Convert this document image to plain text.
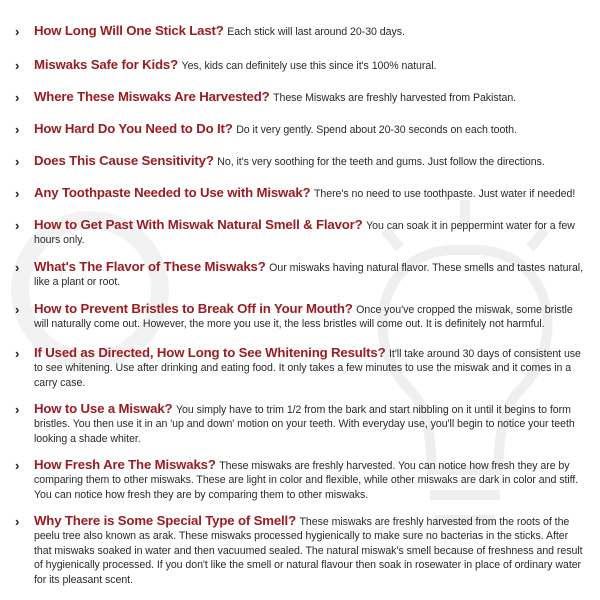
› How Long Will One Stick Last? Each stick will last around 20-30 days.
› Miswaks Safe for Kids? Yes, kids can definitely use this since it's 100% natural.
› Where These Miswaks Are Harvested? These Miswaks are freshly harvested from Pakistan.
› How Hard Do You Need to Do It? Do it very gently. Spend about 20-30 seconds on each tooth.
› Does This Cause Sensitivity? No, it's very soothing for the teeth and gums. Just follow the directions.
› Any Toothpaste Needed to Use with Miswak? There's no need to use toothpaste. Just water if needed!
› How to Get Past With Miswak Natural Smell & Flavor? You can soak it in peppermint water for a few hours only.
› What's The Flavor of These Miswaks? Our miswaks having natural flavor. These smells and tastes natural, like a plant or root.
› How to Prevent Bristles to Break Off in Your Mouth? Once you've cropped the miswak, some bristle will naturally come out. However, the more you use it, the less bristles will come out. It is definitely not harmful.
› If Used as Directed, How Long to See Whitening Results? It'll take around 30 days of consistent use to see whitening. Use after drinking and eating food. It only takes a few minutes to use the miswak and it comes in a carry case.
› How to Use a Miswak? You simply have to trim 1/2 from the bark and start nibbling on it until it begins to form bristles. You then use it in an 'up and down' motion on your teeth. With everyday use, you'll begin to notice your teeth looking a shade whiter.
› How Fresh Are The Miswaks? These miswaks are freshly harvested. You can notice how fresh they are by comparing them to other miswaks. These are light in color and flexible, while other miswaks are dark in color and stiff. You can notice how fresh they are by comparing them to other miswaks.
› Why There is Some Special Type of Smell? These miswaks are freshly harvested from the roots of the peelu tree also known as arak. These miswaks processed hygienically to make sure no bacterias in the sticks. After that miswaks soaked in water and then vacuumed sealed. The natural miswak's smell because of freshness and result of hygienically processed. If you don't like the smell or natural flavour then soak in rosewater in place of ordinary water for its pleasant scent.
